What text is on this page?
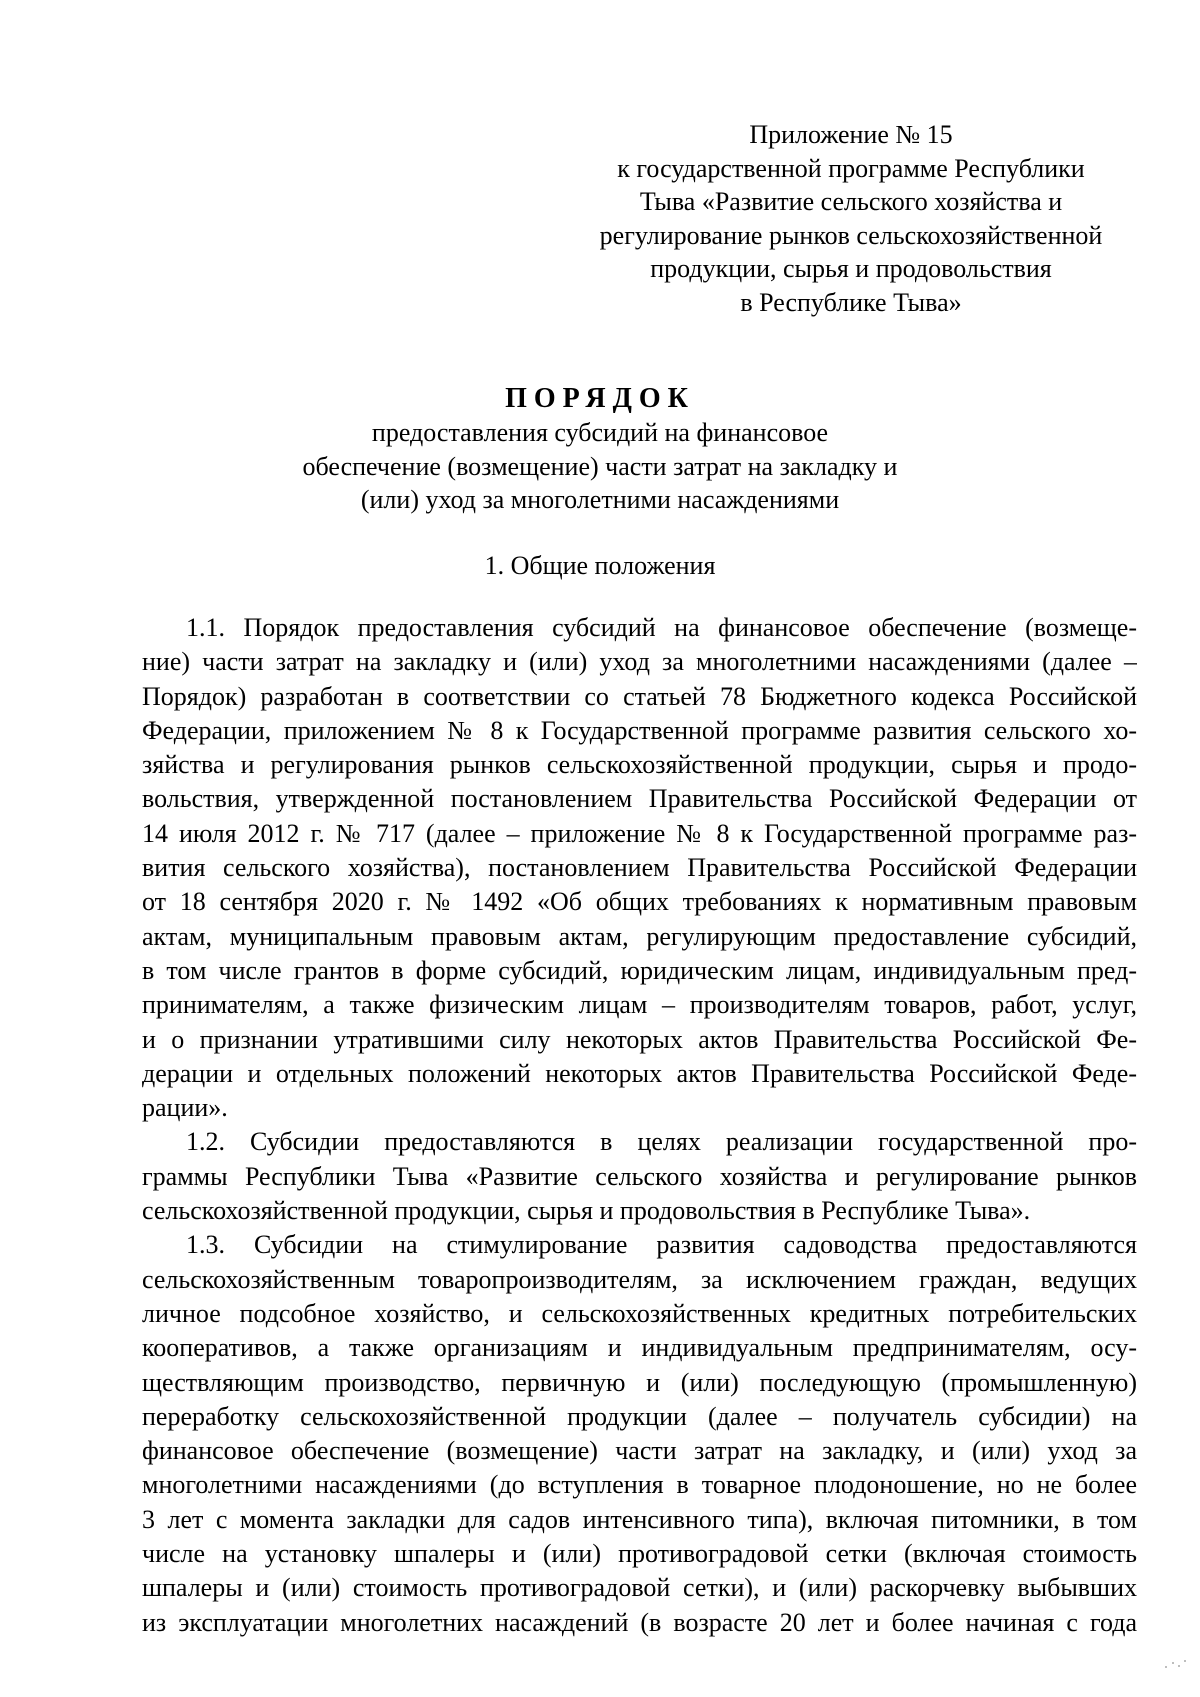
Приложение № 15
к государственной программе Республики
Тыва «Развитие сельского хозяйства и
регулирование рынков сельскохозяйственной
продукции, сырья и продовольствия
в Республике Тыва»
ПОРЯДОК
предоставления субсидий на финансовое
обеспечение (возмещение) части затрат на закладку и
(или) уход за многолетними насаждениями
1. Общие положения
1.1. Порядок предоставления субсидий на финансовое обеспечение (возмеще-
ние) части затрат на закладку и (или) уход за многолетними насаждениями (далее –
Порядок) разработан в соответствии со статьей 78 Бюджетного кодекса Российской
Федерации, приложением № 8 к Государственной программе развития сельского хо-
зяйства и регулирования рынков сельскохозяйственной продукции, сырья и продо-
вольствия, утвержденной постановлением Правительства Российской Федерации от
14 июля 2012 г. № 717 (далее – приложение № 8 к Государственной программе раз-
вития сельского хозяйства), постановлением Правительства Российской Федерации
от 18 сентября 2020 г. № 1492 «Об общих требованиях к нормативным правовым
актам, муниципальным правовым актам, регулирующим предоставление субсидий,
в том числе грантов в форме субсидий, юридическим лицам, индивидуальным пред-
принимателям, а также физическим лицам – производителям товаров, работ, услуг,
и о признании утратившими силу некоторых актов Правительства Российской Фе-
дерации и отдельных положений некоторых актов Правительства Российской Феде-
рации».
1.2. Субсидии предоставляются в целях реализации государственной про-
граммы Республики Тыва «Развитие сельского хозяйства и регулирование рынков
сельскохозяйственной продукции, сырья и продовольствия в Республике Тыва».
1.3. Субсидии на стимулирование развития садоводства предоставляются
сельскохозяйственным товаропроизводителям, за исключением граждан, ведущих
личное подсобное хозяйство, и сельскохозяйственных кредитных потребительских
кооперативов, а также организациям и индивидуальным предпринимателям, осу-
ществляющим производство, первичную и (или) последующую (промышленную)
переработку сельскохозяйственной продукции (далее – получатель субсидии) на
финансовое обеспечение (возмещение) части затрат на закладку, и (или) уход за
многолетними насаждениями (до вступления в товарное плодоношение, но не более
3 лет с момента закладки для садов интенсивного типа), включая питомники, в том
числе на установку шпалеры и (или) противоградовой сетки (включая стоимость
шпалеры и (или) стоимость противоградовой сетки), и (или) раскорчевку выбывших
из эксплуатации многолетних насаждений (в возрасте 20 лет и более начиная с года
